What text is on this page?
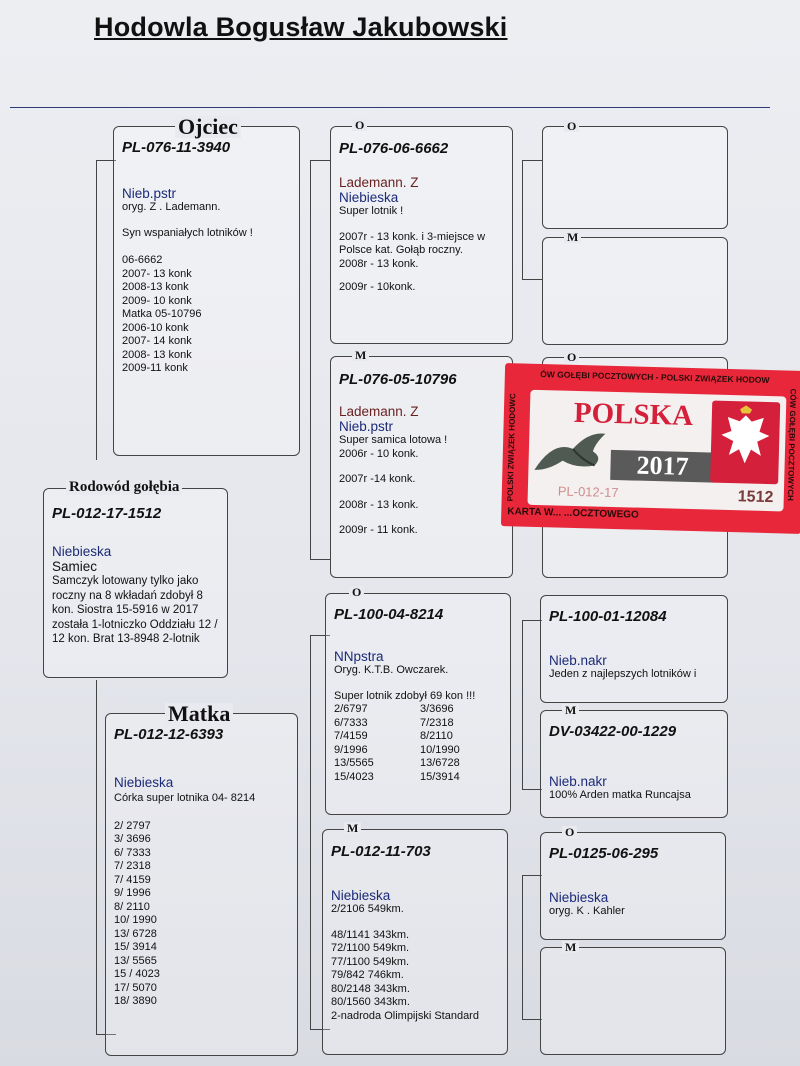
Hodowla Bogusław Jakubowski
PL-012-17-1512
Niebieska
Samiec
Samczyk lotowany tylko jako roczny na 8 wkładań zdobył 8 kon. Siostra 15-5916 w 2017 została 1-lotniczko Oddziału 12 / 12 kon. Brat 13-8948 2-lotnik
Rodowód gołębia
PL-076-11-3940
Nieb.pstr
oryg. Z . Lademann.
Syn wspaniałych lotników !
06-6662
2007- 13 konk
2008-13 konk
2009- 10 konk
Matka 05-10796
2006-10 konk
2007- 14 konk
2008- 13 konk
2009-11 konk
Ojciec
PL-012-12-6393
Niebieska
Córka super lotnika 04- 8214
2/ 2797
3/ 3696
6/ 7333
7/ 2318
7/ 4159
9/ 1996
8/ 2110
10/ 1990
13/ 6728
15/ 3914
13/ 5565
15 / 4023
17/ 5070
18/ 3890
Matka
PL-076-06-6662
Lademann. Z
Niebieska
Super lotnik !
2007r - 13 konk. i 3-miejsce w Polsce kat. Gołąb roczny.
2008r - 13 konk.
2009r - 10konk.
O
PL-076-05-10796
Lademann. Z
Nieb.pstr
Super samica lotowa !
2006r - 10 konk.
2007r -14 konk.
2008r - 13 konk.
2009r - 11 konk.
M
PL-100-04-8214
NNpstra
Oryg. K.T.B. Owczarek.
Super lotnik zdobył 69 kon !!!
2/6797
6/7333
7/4159
9/1996
13/5565
15/4023
3/3696
7/2318
8/2110
10/1990
13/6728
15/3914
O
PL-012-11-703
Niebieska
2/2106 549km.
48/1141 343km.
72/1100 549km.
77/1100 549km.
79/842 746km.
80/2148 343km.
80/1560 343km.
2-nadroda Olimpijski Standard
M
O
M
O
PL-100-01-12084
Nieb.nakr
Jeden z najlepszych lotników i
DV-03422-00-1229
Nieb.nakr
100% Arden matka Runcajsa
M
PL-0125-06-295
Niebieska
oryg. K . Kahler
O
M
ÓW GOŁĘBI POCZTOWYCH - POLSKI ZWIĄZEK HODOW
POLSKI ZWIĄZEK HODOWC	CÓW GOŁĘBI POCZTOWYCH
POLSKA
2017
PL-012-17	1512
KARTA W... ...OCZTOWEGO
